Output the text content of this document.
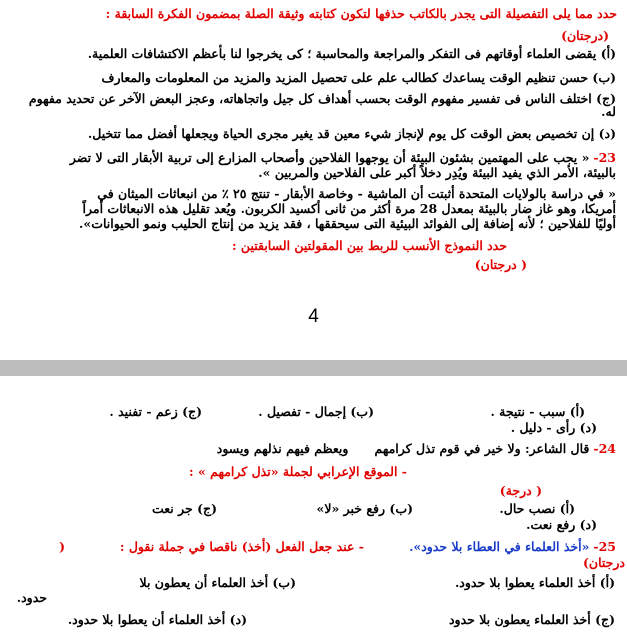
حدد مما يلى التفصيلة التى يجدر بالكاتب حذفها لتكون كتابته وثيقة الصلة بمضمون الفكرة السابقة :
(درجتان)
(أ) يقضى العلماء أوقاتهم فى التفكر والمراجعة والمحاسبة ؛ كى يخرجوا لنا بأعظم الاكتشافات العلمية.
(ب) حسن تنظيم الوقت يساعدك كطالب علم على تحصيل المزيد والمزيد من المعلومات والمعارف
(ج) اختلف الناس فى تفسير مفهوم الوقت بحسب أهداف كل جيل واتجاهاته، وعجز البعض الآخر عن تحديد مفهوم
له.
(د) إن تخصيص بعض الوقت كل يوم لإنجاز شيء معين قد يغير مجرى الحياة ويجعلها أفضل مما تتخيل.
23- « يجب على المهتمين بشئون البيئة أن يوجهوا الفلاحين وأصحاب المزارع إلى تربية الأبقار التى لا تضر
بالبيئة، الأمر الذي يفيد البيئة ويُدِر دخلاً أكبر على الفلاحين والمربين ».
« في دراسة بالولايات المتحدة أثبتت أن الماشية - وخاصة الأبقار - تنتج ٢٥ ٪ من انبعاثات الميثان في
أمريكا، وهو غاز ضار بالبيئة بمعدل 28 مرة أكثر من ثانى أكسيد الكربون. ويُعد تقليل هذه الانبعاثات أمراً
أوليًا للفلاحين ؛ لأنه إضافة إلى الفوائد البيئية التى سيحققها ، فقد يزيد من إنتاج الحليب ونمو الحيوانات».
حدد النموذج الأنسب للربط بين المقولتين السابقتين :
( درجتان)
4
(أ) سبب - نتيجة .
(ب) إجمال - تفصيل .
(ج) زعم - تفنيد .
(د) رأى - دليل .
24- قال الشاعر: ولا خير في قوم تذل كرامهم      ويعظم فيهم نذلهم ويسود
- الموقع الإعرابي لجملة «تذل كرامهم » :
( درجة)
(أ) نصب حال.
(ب) رفع خبر «لا»
(ج) جر نعت
(د) رفع نعت.
25- «أخذ العلماء في العطاء بلا حدود».
- عند جعل الفعل (أخذ) ناقصا في جملة نقول :
(
درجتان)
(أ) أخذ العلماء يعطوا بلا حدود.
(ب) أخذ العلماء أن يعطون بلا
حدود.
(ج) أخذ العلماء يعطون بلا حدود
(د) أخذ العلماء أن يعطوا بلا حدود.
